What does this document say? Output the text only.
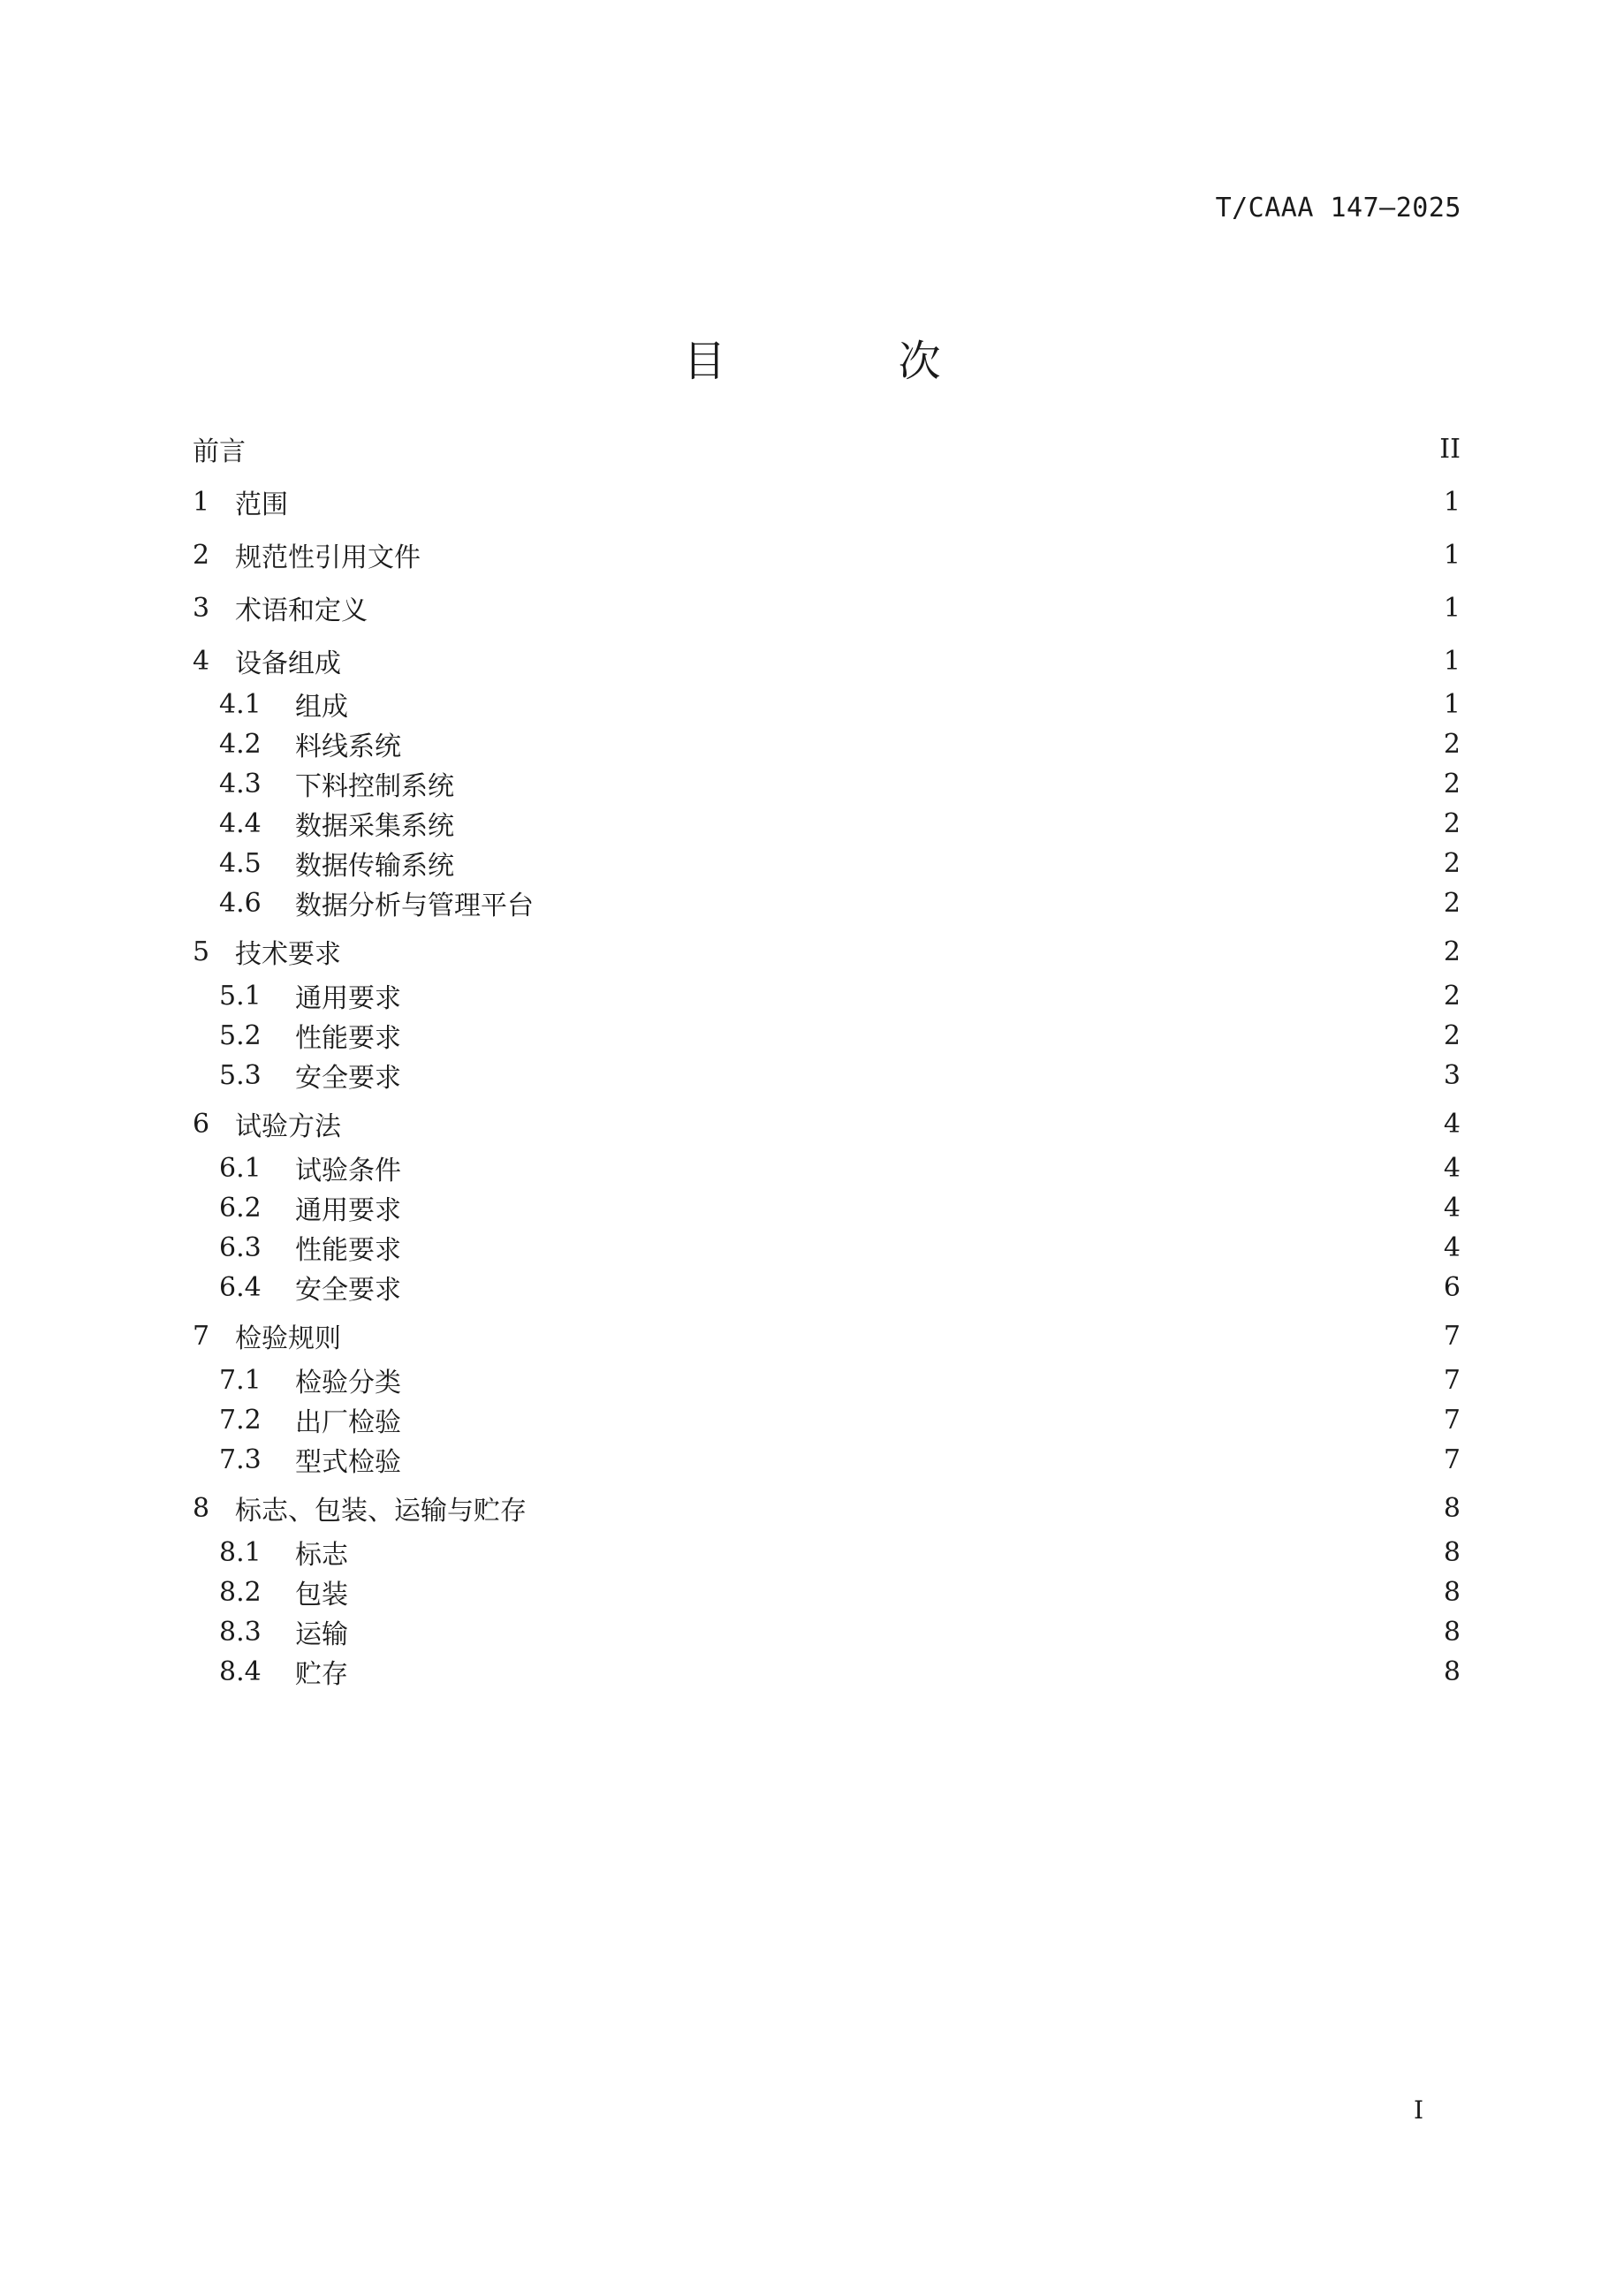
T/CAAA 147—2025
目 次
前言	II
1 范围	1
2 规范性引用文件	1
3 术语和定义	1
4 设备组成	1
4.1	组成	1
4.2	料线系统	2
4.3	下料控制系统	2
4.4	数据采集系统	2
4.5	数据传输系统	2
4.6	数据分析与管理平台	2
5 技术要求	2
5.1	通用要求	2
5.2	性能要求	2
5.3	安全要求	3
6 试验方法	4
6.1	试验条件	4
6.2	通用要求	4
6.3	性能要求	4
6.4	安全要求	6
7 检验规则	7
7.1	检验分类	7
7.2	出厂检验	7
7.3	型式检验	7
8 标志、包装、运输与贮存	8
8.1	标志	8
8.2	包装	8
8.3	运输	8
8.4	贮存	8
I
